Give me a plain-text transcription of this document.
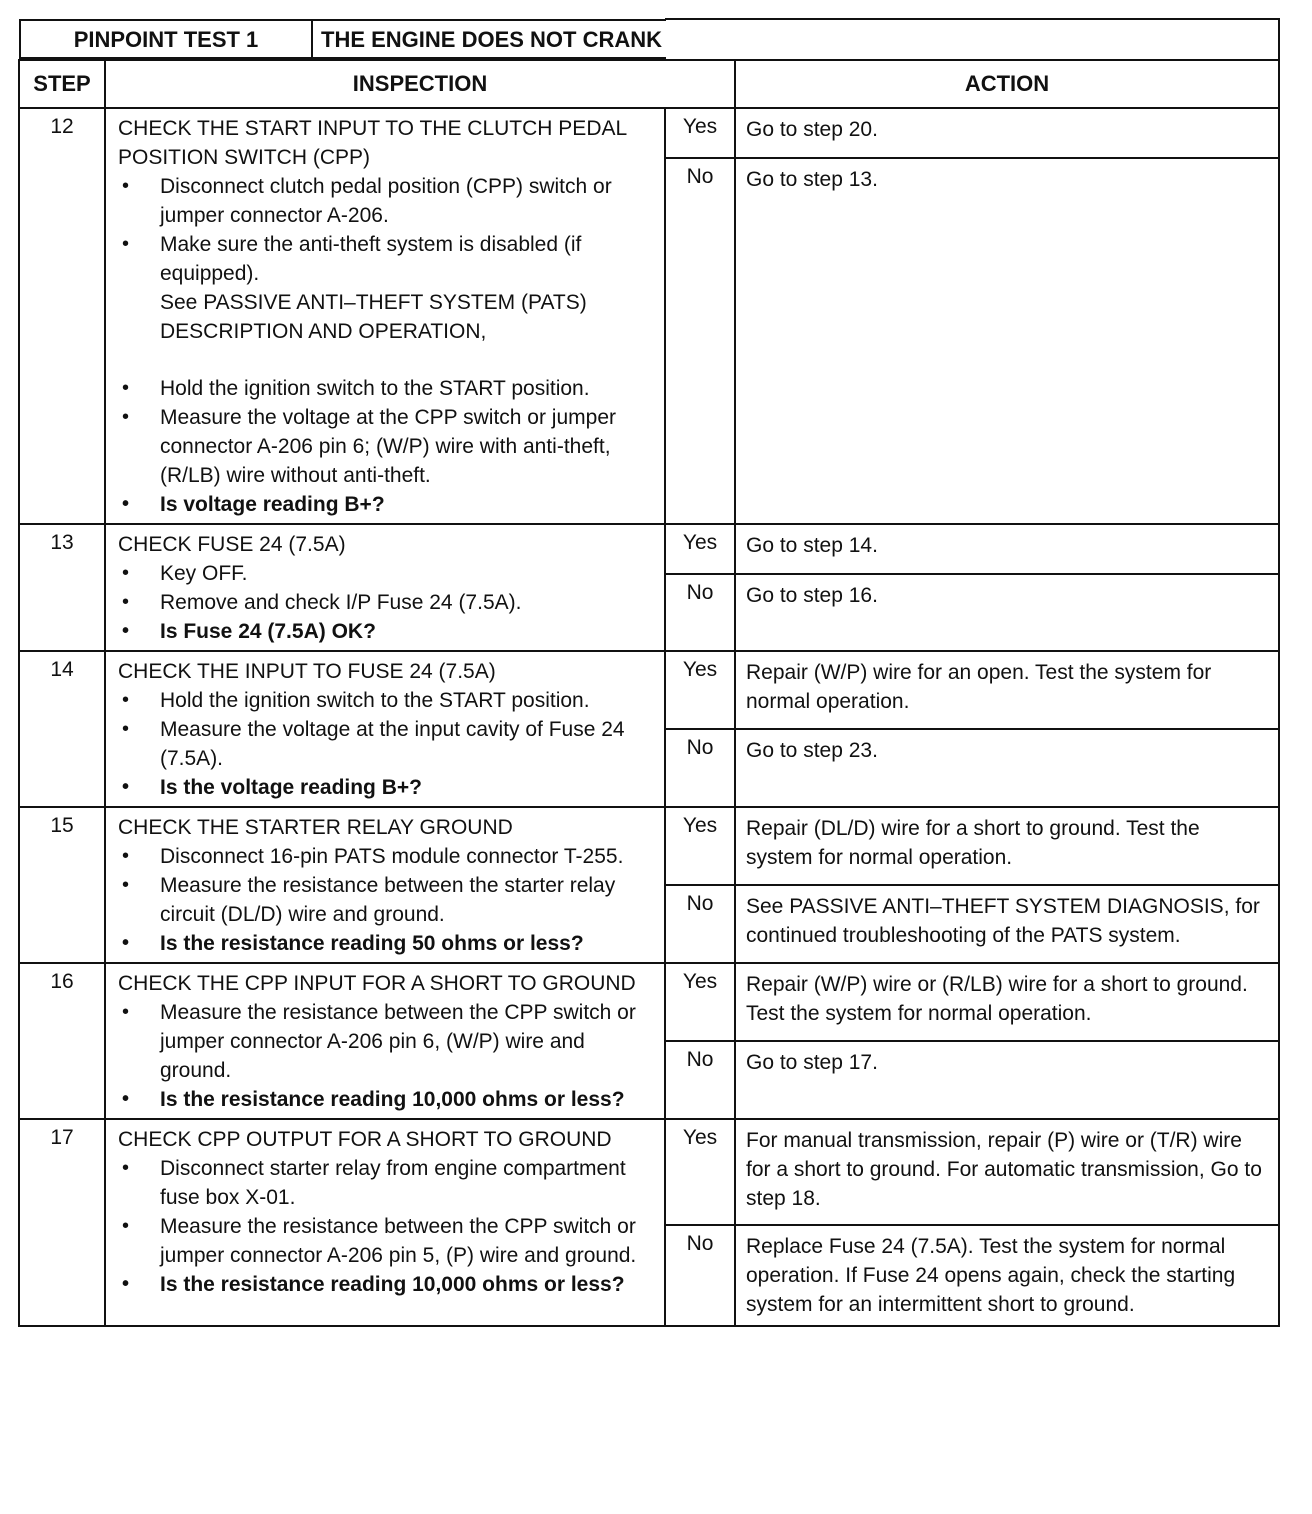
PINPOINT TEST 1	THE ENGINE DOES NOT CRANK

STEP	INSPECTION	ACTION
12	CHECK THE START INPUT TO THE CLUTCH PEDAL POSITION SWITCH (CPP)
• Disconnect clutch pedal position (CPP) switch or jumper connector A-206.
• Make sure the anti-theft system is disabled (if equipped).
See PASSIVE ANTI–THEFT SYSTEM (PATS) DESCRIPTION AND OPERATION,
• Hold the ignition switch to the START position.
• Measure the voltage at the CPP switch or jumper connector A-206 pin 6; (W/P) wire with anti-theft, (R/LB) wire without anti-theft.
• Is voltage reading B+?
	Yes	Go to step 20.
No	Go to step 13.
13	CHECK FUSE 24 (7.5A)
• Key OFF.
• Remove and check I/P Fuse 24 (7.5A).
• Is Fuse 24 (7.5A) OK?
	Yes	Go to step 14.
No	Go to step 16.
14	CHECK THE INPUT TO FUSE 24 (7.5A)
• Hold the ignition switch to the START position.
• Measure the voltage at the input cavity of Fuse 24 (7.5A).
• Is the voltage reading B+?
	Yes	Repair (W/P) wire for an open. Test the system for normal operation.
No	Go to step 23.
15	CHECK THE STARTER RELAY GROUND
• Disconnect 16-pin PATS module connector T-255.
• Measure the resistance between the starter relay circuit (DL/D) wire and ground.
• Is the resistance reading 50 ohms or less?
	Yes	Repair (DL/D) wire for a short to ground. Test the system for normal operation.
No	See PASSIVE ANTI–THEFT SYSTEM DIAGNOSIS, for continued troubleshooting of the PATS system.
16	CHECK THE CPP INPUT FOR A SHORT TO GROUND
• Measure the resistance between the CPP switch or jumper connector A-206 pin 6, (W/P) wire and ground.
• Is the resistance reading 10,000 ohms or less?
	Yes	Repair (W/P) wire or (R/LB) wire for a short to ground. Test the system for normal operation.
No	Go to step 17.
17	CHECK CPP OUTPUT FOR A SHORT TO GROUND
• Disconnect starter relay from engine compartment fuse box X-01.
• Measure the resistance between the CPP switch or jumper connector A-206 pin 5, (P) wire and ground.
• Is the resistance reading 10,000 ohms or less?
	Yes	For manual transmission, repair (P) wire or (T/R) wire for a short to ground. For automatic transmission, Go to step 18.
No	Replace Fuse 24 (7.5A). Test the system for normal operation. If Fuse 24 opens again, check the starting system for an intermittent short to ground.
